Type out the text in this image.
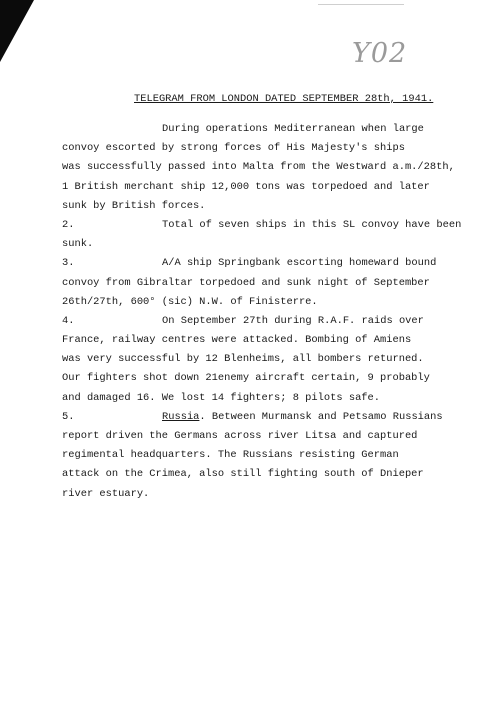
Y02
TELEGRAM FROM LONDON DATED SEPTEMBER 28th, 1941.
During operations Mediterranean when large
convoy escorted by strong forces of His Majesty's ships
was successfully passed into Malta from the Westward a.m./28th,
1 British merchant ship 12,000 tons was torpedoed and later
sunk by British forces.
2.	Total of seven ships in this SL convoy have been
sunk.
3.	A/A ship Springbank escorting homeward bound
convoy from Gibraltar torpedoed and sunk night of September
26th/27th, 600° (sic) N.W. of Finisterre.
4.	On September 27th during R.A.F. raids over
France, railway centres were attacked. Bombing of Amiens
was very successful by 12 Blenheims, all bombers returned.
Our fighters shot down 21enemy aircraft certain, 9 probably
and damaged 16. We lost 14 fighters; 8 pilots safe.
5.	Russia. Between Murmansk and Petsamo Russians
report driven the Germans across river Litsa and captured
regimental headquarters. The Russians resisting German
attack on the Crimea, also still fighting south of Dnieper
river estuary.
